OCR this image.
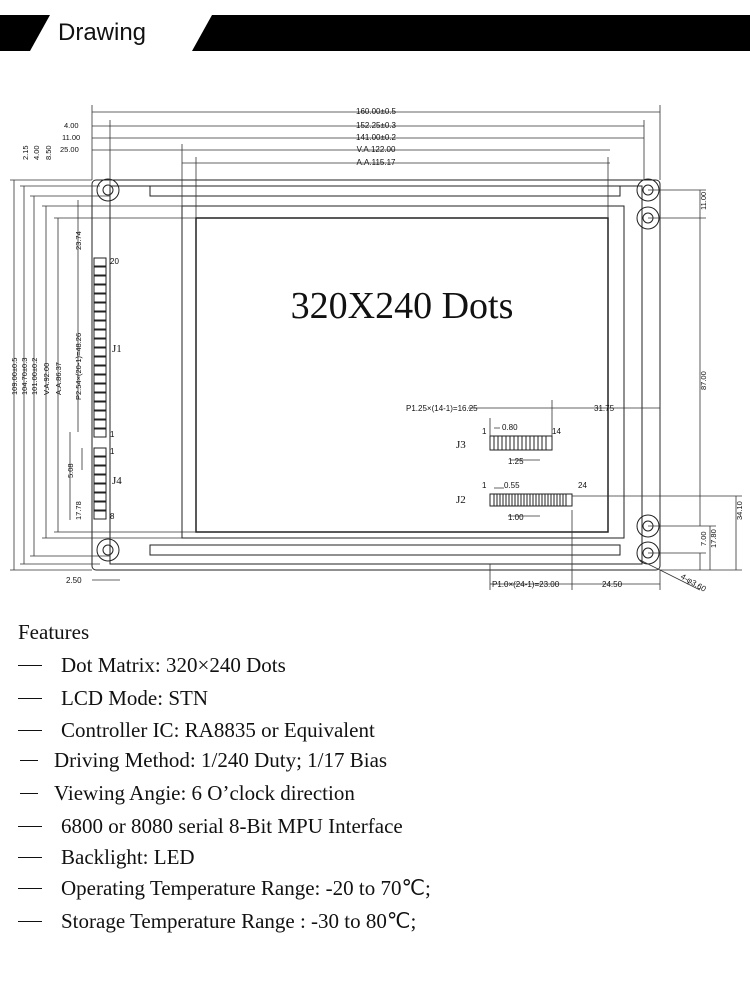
Drawing
320X240 Dots
160.00±0.5
152.25±0.3
141.00±0.2
V.A.122.00
A.A.115.17
4.00
11.00
25.00
2.15 4.00 8.50
109.00±0.5 104.70±0.3 101.00±0.2 V.A.92.00 A.A.86.37
23.74
P2.54×(20-1)=48.26
5.08
17.78
J1
20
1
J4
1
8
J3
1	14
J2
1	24
P1.25×(14-1)=16.25	31.75
0.80
1.25
0.55
1.00
11.00
87.00
34.10
17.80
7.00
2.50	P1.0×(24-1)=23.00	24.50	4-φ3.60
Features
Dot Matrix: 320×240 Dots
LCD Mode: STN
Controller IC: RA8835 or Equivalent
Driving Method: 1/240 Duty; 1/17 Bias
Viewing Angie: 6 O’clock direction
6800 or 8080 serial 8-Bit MPU Interface
Backlight: LED
Operating Temperature Range: -20 to 70℃;
Storage Temperature Range : -30 to 80℃;
